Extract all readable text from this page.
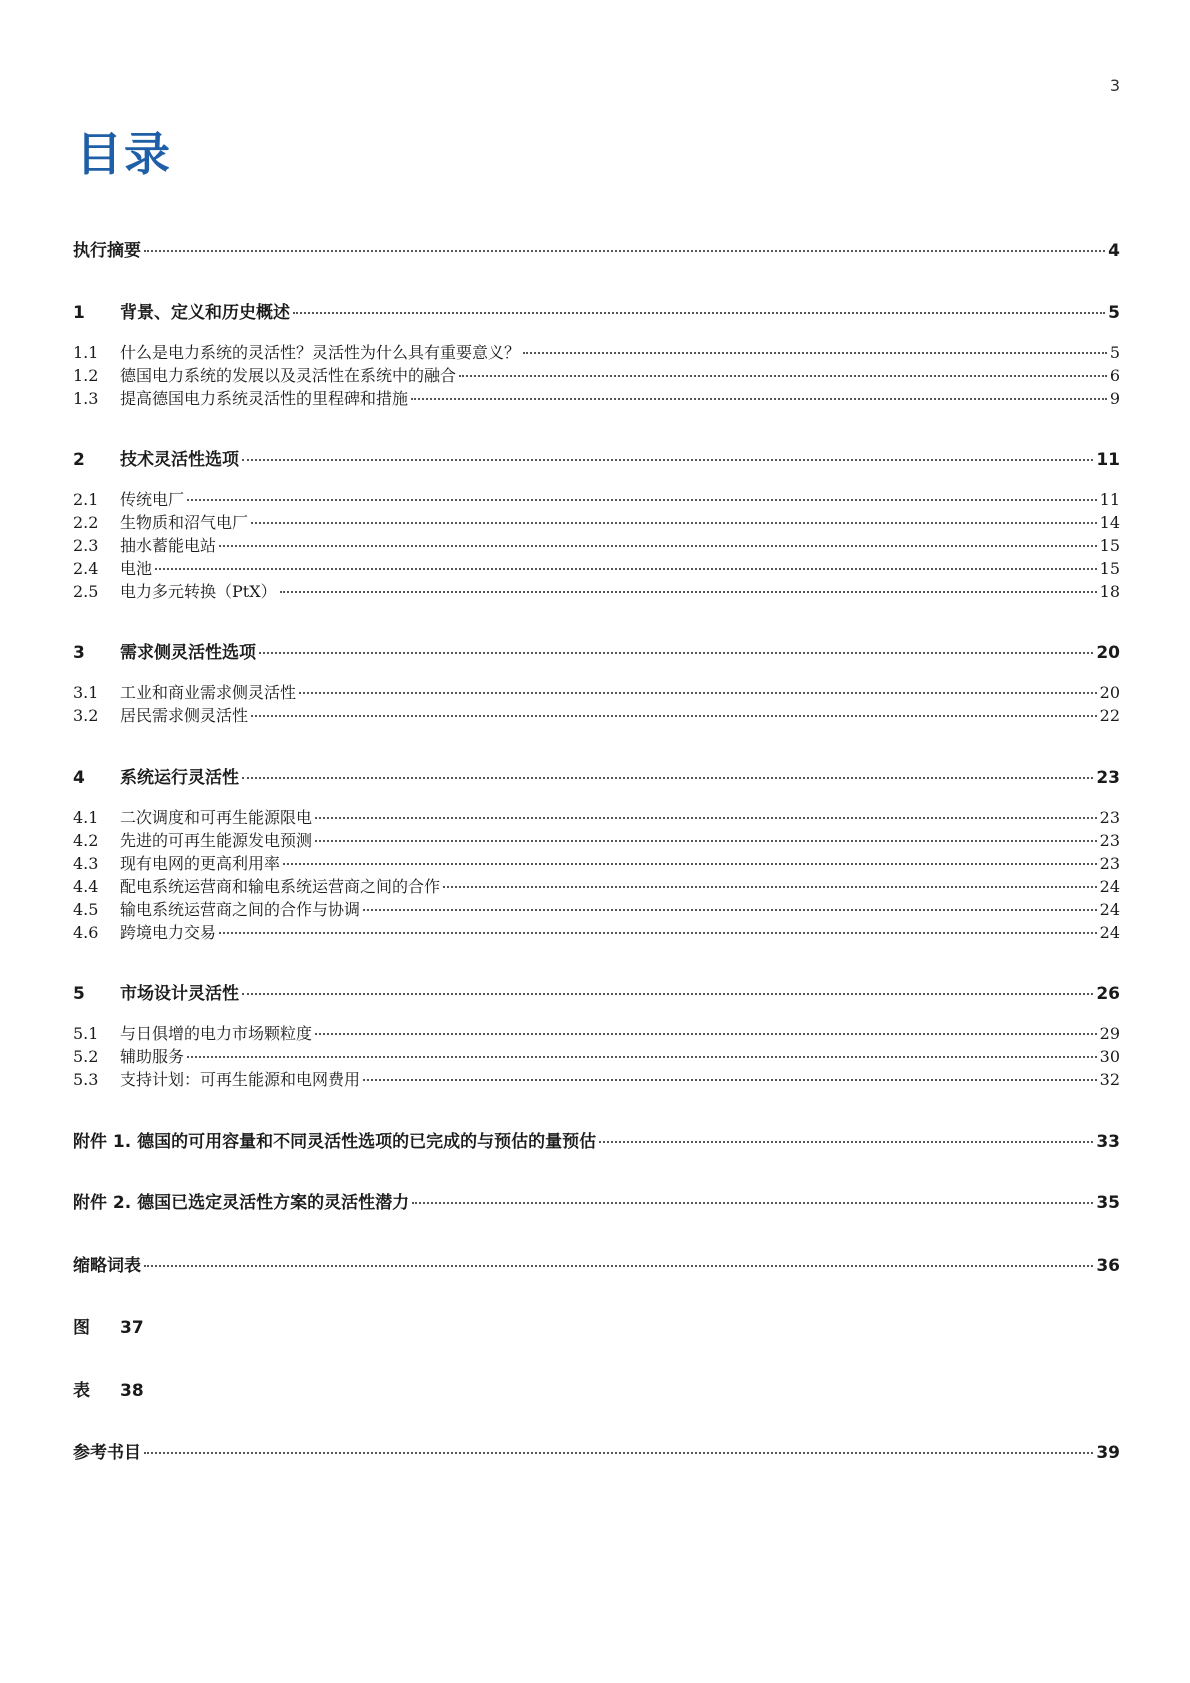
3
目录
执行摘要	4
1	背景、定义和历史概述	5
1.1	什么是电力系统的灵活性？灵活性为什么具有重要意义？	5
1.2	德国电力系统的发展以及灵活性在系统中的融合	6
1.3	提高德国电力系统灵活性的里程碑和措施	9
2	技术灵活性选项	11
2.1	传统电厂	11
2.2	生物质和沼气电厂	14
2.3	抽水蓄能电站	15
2.4	电池	15
2.5	电力多元转换（PtX）	18
3	需求侧灵活性选项	20
3.1	工业和商业需求侧灵活性	20
3.2	居民需求侧灵活性	22
4	系统运行灵活性	23
4.1	二次调度和可再生能源限电	23
4.2	先进的可再生能源发电预测	23
4.3	现有电网的更高利用率	23
4.4	配电系统运营商和输电系统运营商之间的合作	24
4.5	输电系统运营商之间的合作与协调	24
4.6	跨境电力交易	24
5	市场设计灵活性	26
5.1	与日俱增的电力市场颗粒度	29
5.2	辅助服务	30
5.3	支持计划：可再生能源和电网费用	32
附件 1. 德国的可用容量和不同灵活性选项的已完成的与预估的量预估	33
附件 2. 德国已选定灵活性方案的灵活性潜力	35
缩略词表	36
图	37
表	38
参考书目	39
